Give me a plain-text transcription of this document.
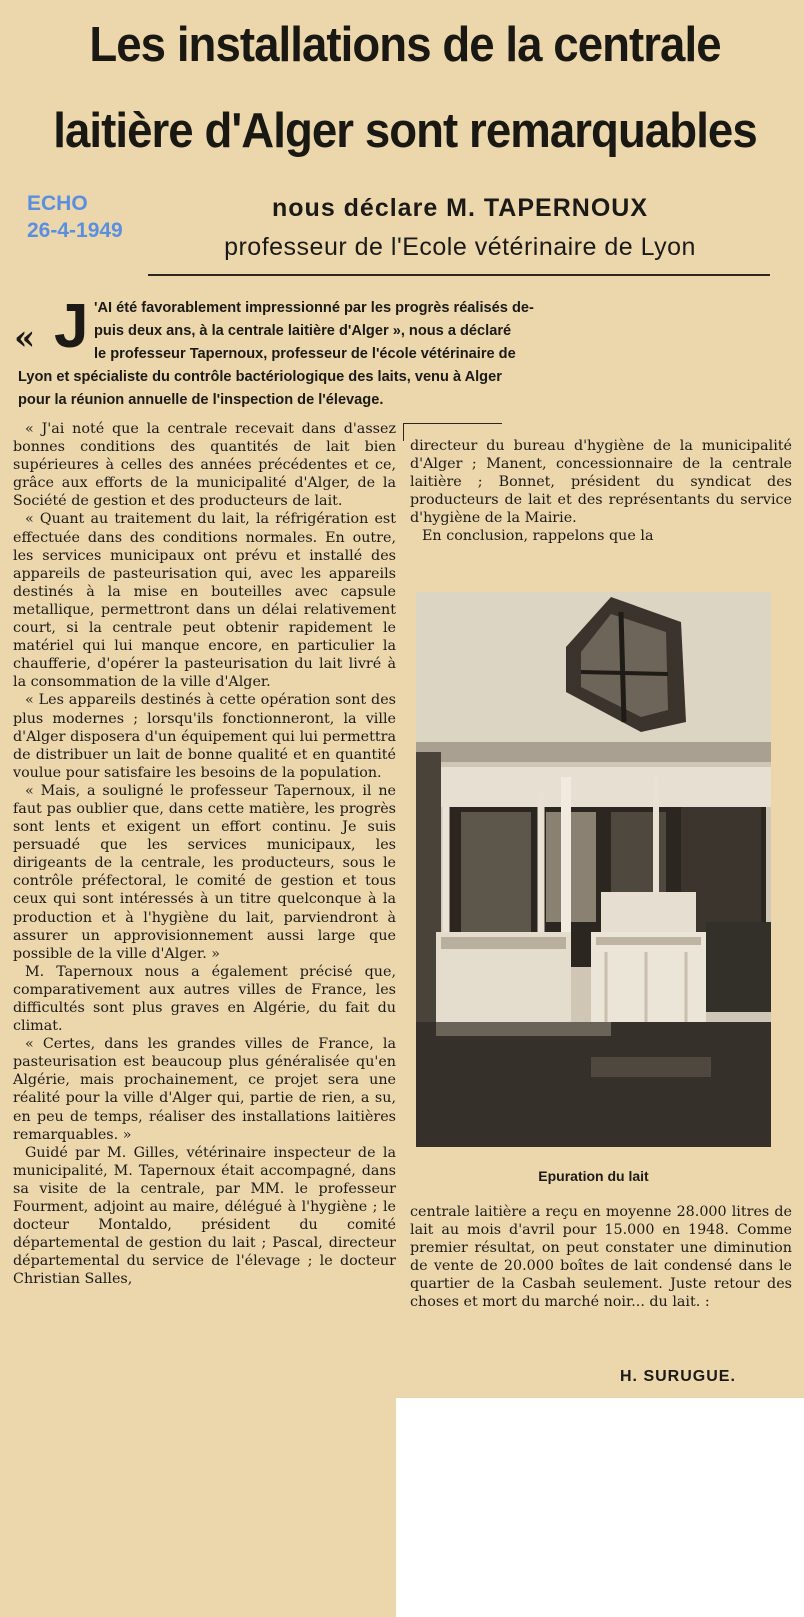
Les installations de la centrale
laitière d'Alger sont remarquables
ECHO
26-4-1949
nous déclare M. TAPERNOUX
professeur de l'Ecole vétérinaire de Lyon
« J 'AI été favorablement impressionné par les progrès réalisés de-
puis deux ans, à la centrale laitière d'Alger », nous a déclaré
le professeur Tapernoux, professeur de l'école vétérinaire de
Lyon et spécialiste du contrôle bactériologique des laits, venu à Alger
pour la réunion annuelle de l'inspection de l'élevage.

« J'ai noté que la centrale recevait dans d'assez bonnes conditions des quantités de lait bien supérieures à celles des années précédentes et ce, grâce aux efforts de la municipalité d'Alger, de la Société de gestion et des producteurs de lait.

« Quant au traitement du lait, la réfrigération est effectuée dans des conditions normales. En outre, les services municipaux ont prévu et installé des appareils de pasteurisation qui, avec les appareils destinés à la mise en bouteilles avec capsule metallique, permettront dans un délai relativement court, si la centrale peut obtenir rapidement le matériel qui lui manque encore, en particulier la chaufferie, d'opérer la pasteurisation du lait livré à la consommation de la ville d'Alger.

« Les appareils destinés à cette opération sont des plus modernes ; lorsqu'ils fonctionneront, la ville d'Alger disposera d'un équipement qui lui permettra de distribuer un lait de bonne qualité et en quantité voulue pour satisfaire les besoins de la population.

« Mais, a souligné le professeur Tapernoux, il ne faut pas oublier que, dans cette matière, les progrès sont lents et exigent un effort continu. Je suis persuadé que les services municipaux, les dirigeants de la centrale, les producteurs, sous le contrôle préfectoral, le comité de gestion et tous ceux qui sont intéressés à un titre quelconque à la production et à l'hygiène du lait, parviendront à assurer un approvisionnement aussi large que possible de la ville d'Alger. »

M. Tapernoux nous a également précisé que, comparativement aux autres villes de France, les difficultés sont plus graves en Algérie, du fait du climat.

« Certes, dans les grandes villes de France, la pasteurisation est beaucoup plus généralisée qu'en Algérie, mais prochainement, ce projet sera une réalité pour la ville d'Alger qui, partie de rien, a su, en peu de temps, réaliser des installations laitières remarquables. »

Guidé par M. Gilles, vétérinaire inspecteur de la municipalité, M. Tapernoux était accompagné, dans sa visite de la centrale, par MM. le professeur Fourment, adjoint au maire, délégué à l'hygiène ; le docteur Montaldo, président du comité départemental de gestion du lait ; Pascal, directeur départemental du service de l'élevage ; le docteur Christian Salles,

directeur du bureau d'hygiène de la municipalité d'Alger ; Manent, concessionnaire de la centrale laitière ; Bonnet, président du syndicat des producteurs de lait et des représentants du service d'hygiène de la Mairie.

En conclusion, rappelons que la

Epuration du lait

centrale laitière a reçu en moyenne 28.000 litres de lait au mois d'avril pour 15.000 en 1948. Comme premier résultat, on peut constater une diminution de vente de 20.000 boîtes de lait condensé dans le quartier de la Casbah seulement. Juste retour des choses et mort du marché noir... du lait. :

H. SURUGUE.
